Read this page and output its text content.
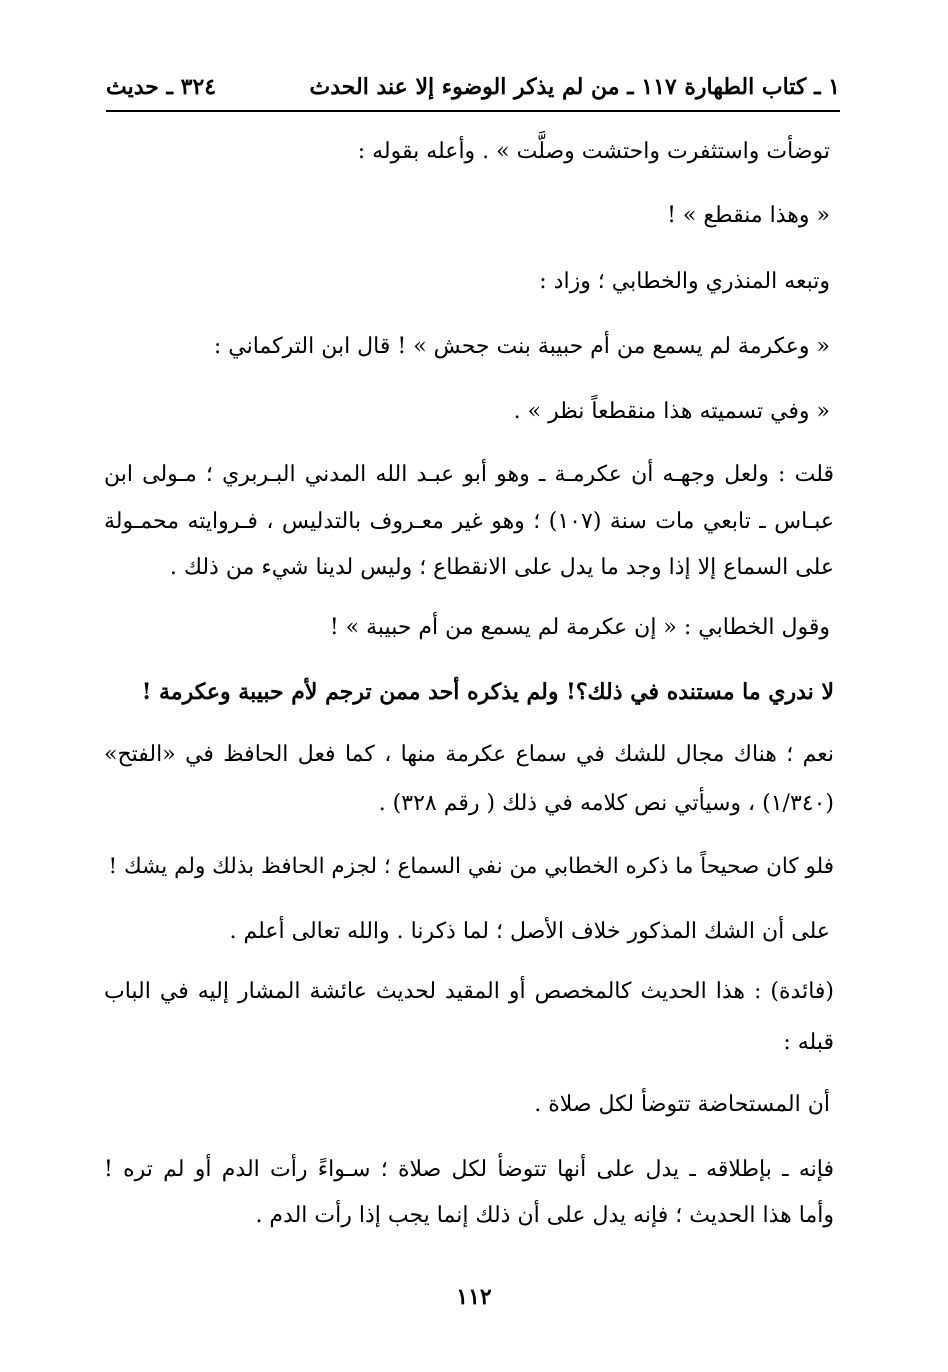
١ ـ كتاب الطهارة ١١٧ ـ من لم يذكر الوضوء إلا عند الحدث
٣٢٤ ـ حديث
توضأت واستثفرت واحتشت وصلَّت » . وأعله بقوله :
« وهذا منقطع » !
وتبعه المنذري والخطابي ؛ وزاد :
« وعكرمة لم يسمع من أم حبيبة بنت جحش » ! قال ابن التركماني :
« وفي تسميته هذا منقطعاً نظر » .
قلت : ولعل وجهـه أن عكرمـة ـ وهو أبو عبـد الله المدني البـربري ؛ مـولى ابن
عبـاس ـ تابعي مات سنة (١٠٧) ؛ وهو غير معـروف بالتدليس ، فـروايته محمـولة
على السماع إلا إذا وجد ما يدل على الانقطاع ؛ وليس لدينا شيء من ذلك .
وقول الخطابي : « إن عكرمة لم يسمع من أم حبيبة » !
لا ندري ما مستنده في ذلك؟! ولم يذكره أحد ممن ترجم لأم حبيبة وعكرمة !
نعم ؛ هناك مجال للشك في سماع عكرمة منها ، كما فعل الحافظ في «الفتح»
(١/٣٤٠) ، وسيأتي نص كلامه في ذلك ( رقم ٣٢٨) .
فلو كان صحيحاً ما ذكره الخطابي من نفي السماع ؛ لجزم الحافظ بذلك ولم يشك !
على أن الشك المذكور خلاف الأصل ؛ لما ذكرنا . والله تعالى أعلم .
(فائدة) : هذا الحديث كالمخصص أو المقيد لحديث عائشة المشار إليه في الباب
قبله :
أن المستحاضة تتوضأ لكل صلاة .
فإنه ـ بإطلاقه ـ يدل على أنها تتوضأ لكل صلاة ؛ سـواءً رأت الدم أو لم تره !
وأما هذا الحديث ؛ فإنه يدل على أن ذلك إنما يجب إذا رأت الدم .
١١٢
